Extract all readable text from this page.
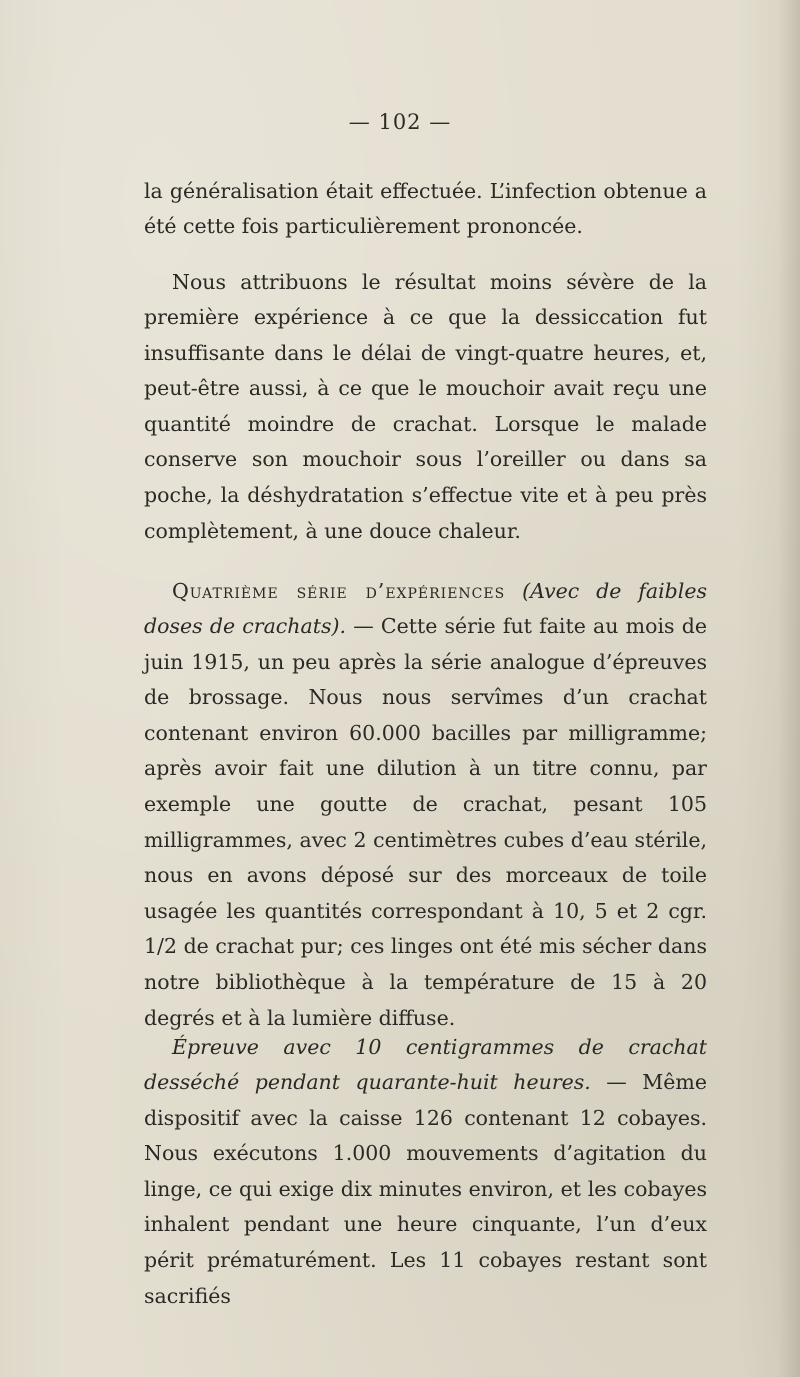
— 102 —

la généralisation était effectuée. L’infection obtenue a été cette fois particulièrement prononcée.

Nous attribuons le résultat moins sévère de la première expérience à ce que la dessiccation fut insuffisante dans le délai de vingt-quatre heures, et, peut-être aussi, à ce que le mouchoir avait reçu une quantité moindre de crachat. Lorsque le malade conserve son mouchoir sous l’oreiller ou dans sa poche, la déshydratation s’effectue vite et à peu près complètement, à une douce chaleur.

Quatrième série d’expériences (Avec de faibles doses de crachats). — Cette série fut faite au mois de juin 1915, un peu après la série analogue d’épreuves de brossage. Nous nous servîmes d’un crachat contenant environ 60.000 bacilles par milligramme; après avoir fait une dilution à un titre connu, par exemple une goutte de crachat, pesant 105 milligrammes, avec 2 centimètres cubes d’eau stérile, nous en avons déposé sur des morceaux de toile usagée les quantités correspondant à 10, 5 et 2 cgr. 1/2 de crachat pur; ces linges ont été mis sécher dans notre bibliothèque à la température de 15 à 20 degrés et à la lumière diffuse.

Épreuve avec 10 centigrammes de crachat desséché pendant quarante-huit heures. — Même dispositif avec la caisse 126 contenant 12 cobayes. Nous exécutons 1.000 mouvements d’agitation du linge, ce qui exige dix minutes environ, et les cobayes inhalent pendant une heure cinquante, l’un d’eux périt prématurément. Les 11 cobayes restant sont sacrifiés
